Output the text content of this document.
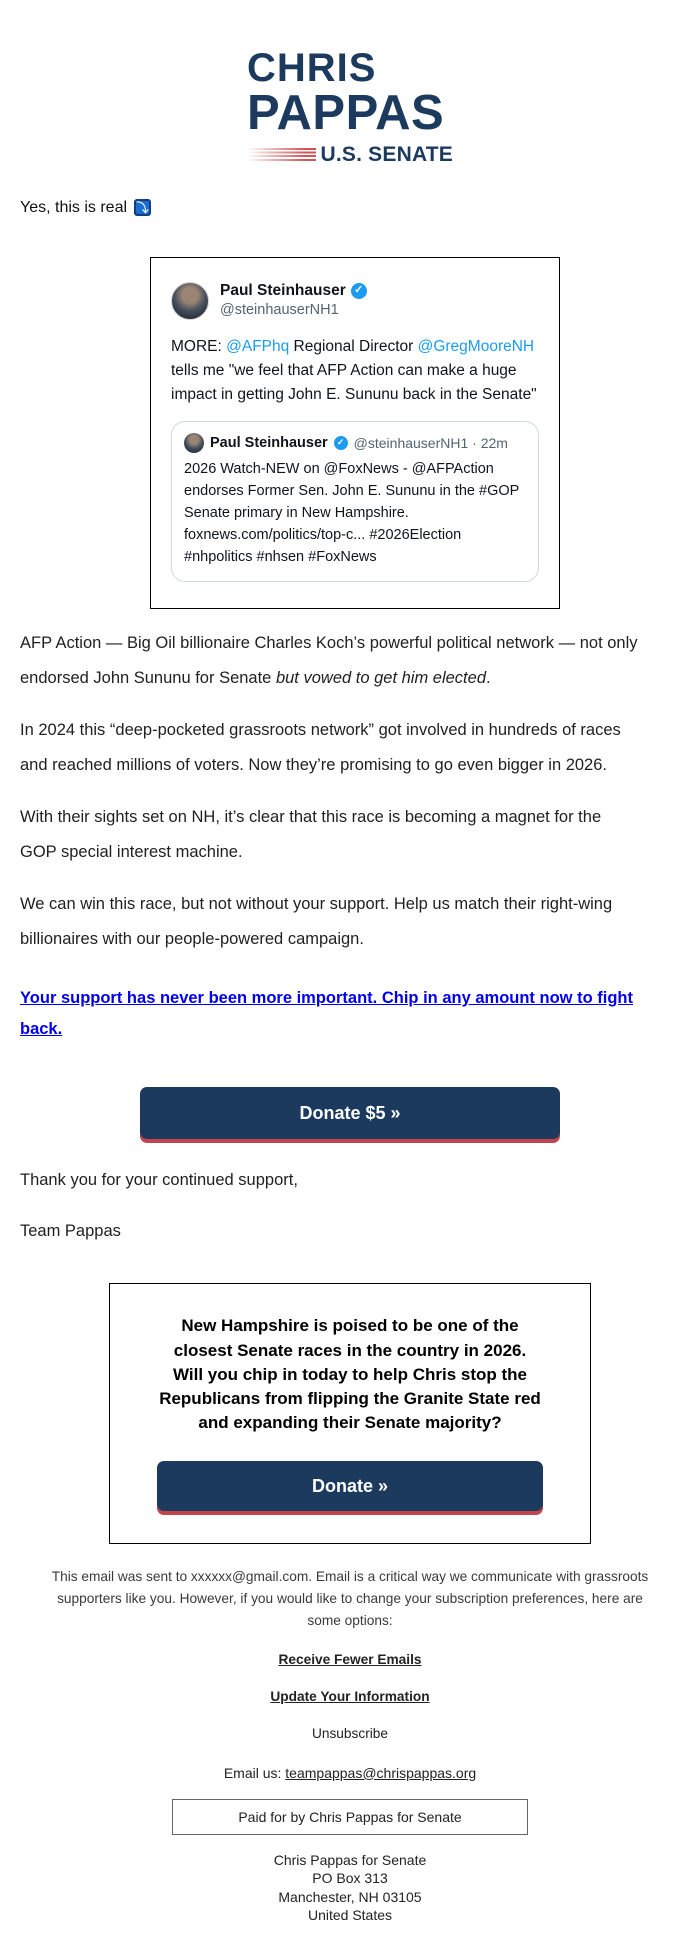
CHRIS
PAPPAS
U.S. SENATE
Yes, this is real ⤵
Paul Steinhauser ✓
@steinhauserNH1
MORE: @AFPhq Regional Director @GregMooreNH tells me "we feel that AFP Action can make a huge impact in getting John E. Sununu back in the Senate"
Paul Steinhauser	✓ @steinhauserNH1 · 22m
2026 Watch-NEW on @FoxNews - @AFPAction endorses Former Sen. John E. Sununu in the #GOP Senate primary in New Hampshire. foxnews.com/politics/top-c... #2026Election #nhpolitics #nhsen #FoxNews

AFP Action — Big Oil billionaire Charles Koch’s powerful political network — not only endorsed John Sununu for Senate but vowed to get him elected.

In 2024 this “deep-pocketed grassroots network” got involved in hundreds of races and reached millions of voters. Now they’re promising to go even bigger in 2026.

With their sights set on NH, it’s clear that this race is becoming a magnet for the GOP special interest machine.

We can win this race, but not without your support. Help us match their right-wing billionaires with our people-powered campaign.

Your support has never been more important. Chip in any amount now to fight back.
Donate $5 »

Thank you for your continued support,

Team Pappas

New Hampshire is poised to be one of the closest Senate races in the country in 2026. Will you chip in today to help Chris stop the Republicans from flipping the Granite State red and expanding their Senate majority?
Donate »
This email was sent to xxxxxx@gmail.com. Email is a critical way we communicate with grassroots supporters like you. However, if you would like to change your subscription preferences, here are some options:
Receive Fewer Emails
Update Your Information
Unsubscribe
Email us: teampappas@chrispappas.org
Paid for by Chris Pappas for Senate
Chris Pappas for Senate
PO Box 313
Manchester, NH 03105
United States
